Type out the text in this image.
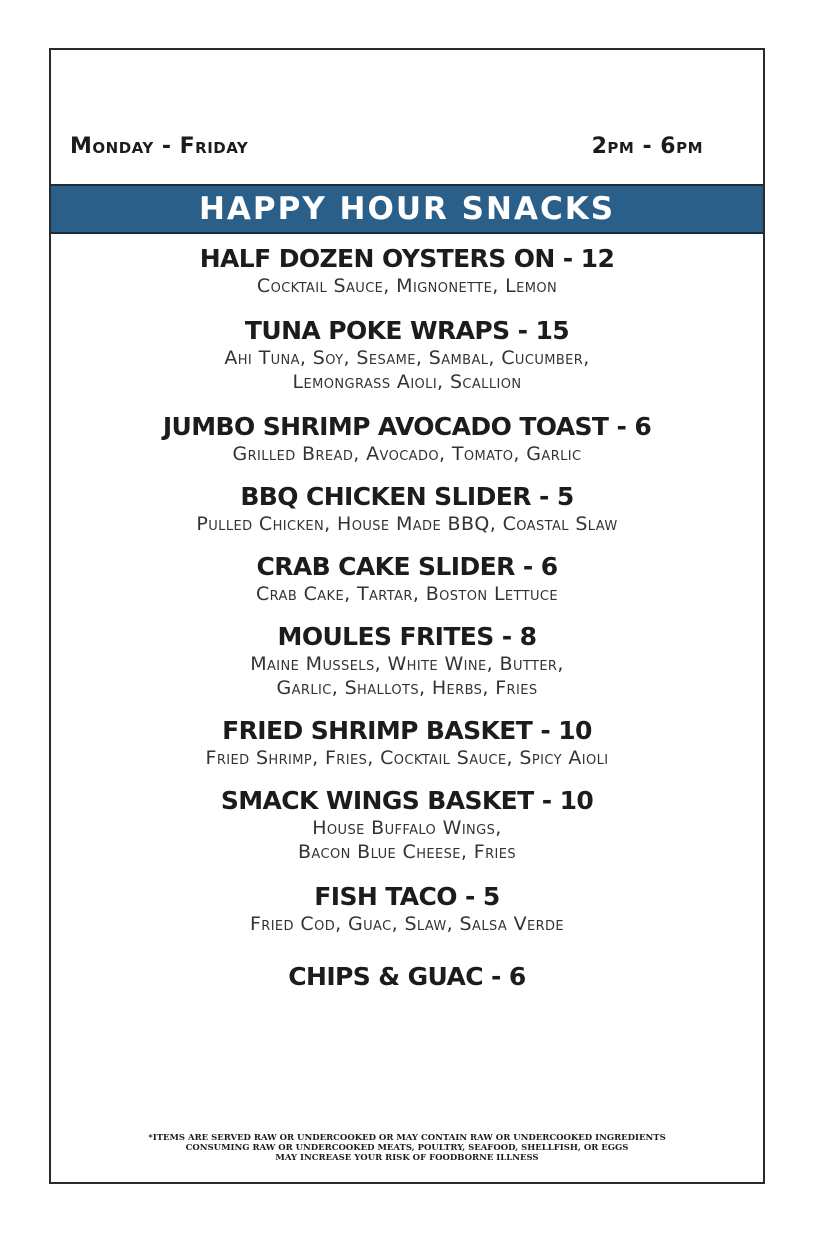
Monday - Friday	2pm - 6pm
HAPPY HOUR SNACKS
HALF DOZEN OYSTERS ON - 12
Cocktail Sauce, Mignonette, Lemon
TUNA POKE WRAPS - 15
Ahi Tuna, Soy, Sesame, Sambal, Cucumber,
Lemongrass Aioli, Scallion
JUMBO SHRIMP AVOCADO TOAST - 6
Grilled Bread, Avocado, Tomato, Garlic
BBQ CHICKEN SLIDER - 5
Pulled Chicken, House Made BBQ, Coastal Slaw
CRAB CAKE SLIDER - 6
Crab Cake, Tartar, Boston Lettuce
MOULES FRITES - 8
Maine Mussels, White Wine, Butter,
Garlic, Shallots, Herbs, Fries
FRIED SHRIMP BASKET - 10
Fried Shrimp, Fries, Cocktail Sauce, Spicy Aioli
SMACK WINGS BASKET - 10
House Buffalo Wings,
Bacon Blue Cheese, Fries
FISH TACO - 5
Fried Cod, Guac, Slaw, Salsa Verde
CHIPS & GUAC - 6
*ITEMS ARE SERVED RAW OR UNDERCOOKED OR MAY CONTAIN RAW OR UNDERCOOKED INGREDIENTS
CONSUMING RAW OR UNDERCOOKED MEATS, POULTRY, SEAFOOD, SHELLFISH, OR EGGS
MAY INCREASE YOUR RISK OF FOODBORNE ILLNESS
